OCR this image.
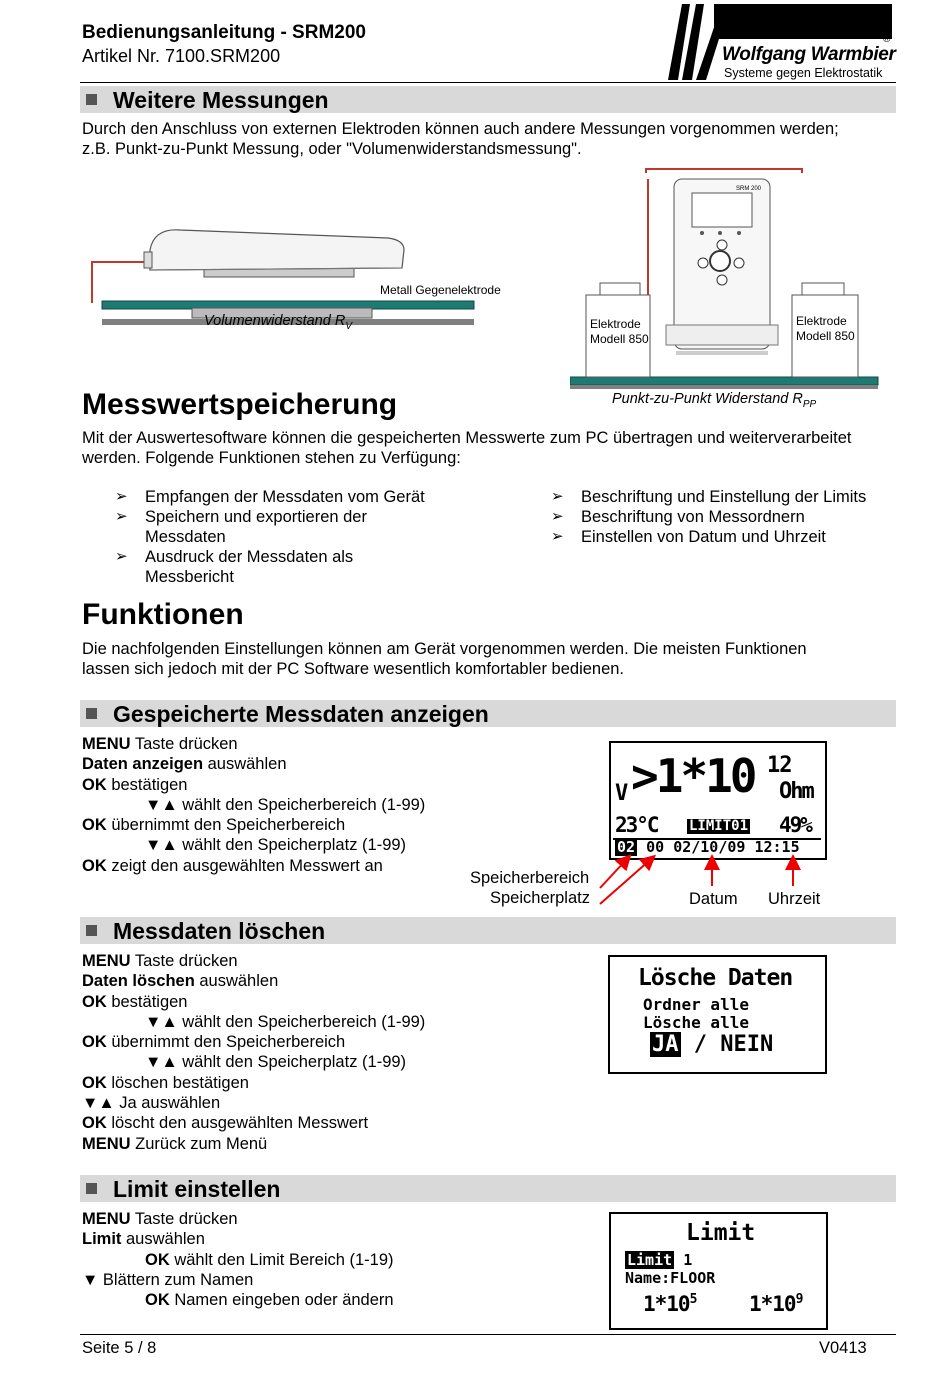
Bedienungsanleitung - SRM200
Artikel Nr. 7100.SRM200
®
Wolfgang Warmbier
Systeme gegen Elektrostatik
Weitere Messungen
Durch den Anschluss von externen Elektroden können auch andere Messungen vorgenommen werden;
z.B. Punkt-zu-Punkt Messung, oder "Volumenwiderstandsmessung".
Metall Gegenelektrode
Volumenwiderstand $R_V$
SRM 200
Elektrode
Modell 850
Elektrode
Modell 850
Punkt-zu-Punkt Widerstand $R_{PP}$
Messwertspeicherung
Mit der Auswertesoftware können die gespeicherten Messwerte zum PC übertragen und weiterverarbeitet
werden. Folgende Funktionen stehen zu Verfügung:
➢ Empfangen der Messdaten vom Gerät
➢ Speichern und exportieren der
Messdaten
➢ Ausdruck der Messdaten als
Messbericht
➢ Beschriftung und Einstellung der Limits
➢ Beschriftung von Messordnern
➢ Einstellen von Datum und Uhrzeit
Funktionen
Die nachfolgenden Einstellungen können am Gerät vorgenommen werden. Die meisten Funktionen
lassen sich jedoch mit der PC Software wesentlich komfortabler bedienen.
Gespeicherte Messdaten anzeigen
MENU Taste drücken
Daten anzeigen auswählen
OK bestätigen
▼▲ wählt den Speicherbereich (1-99)
OK übernimmt den Speicherbereich
▼▲ wählt den Speicherplatz (1-99)
OK zeigt den ausgewählten Messwert an
V >1*10 12
Ohm
23°C LIMIT01 49%
02 00 02/10/09 12:15
Speicherbereich
Speicherplatz	Datum Uhrzeit
Messdaten löschen
MENU Taste drücken
Daten löschen auswählen
OK bestätigen
▼▲ wählt den Speicherbereich (1-99)
OK übernimmt den Speicherbereich
▼▲ wählt den Speicherplatz (1-99)
OK löschen bestätigen
▼▲ Ja auswählen
OK löscht den ausgewählten Messwert
MENU Zurück zum Menü
Lösche Daten
Ordner alle
Lösche alle
JA / NEIN
Limit einstellen
MENU Taste drücken
Limit auswählen
OK wählt den Limit Bereich (1-19)
▼ Blättern zum Namen
OK Namen eingeben oder ändern
Limit
Limit 1
Name:FLOOR
$1*10^5$	$1*10^9$
Seite 5 / 8	V0413
